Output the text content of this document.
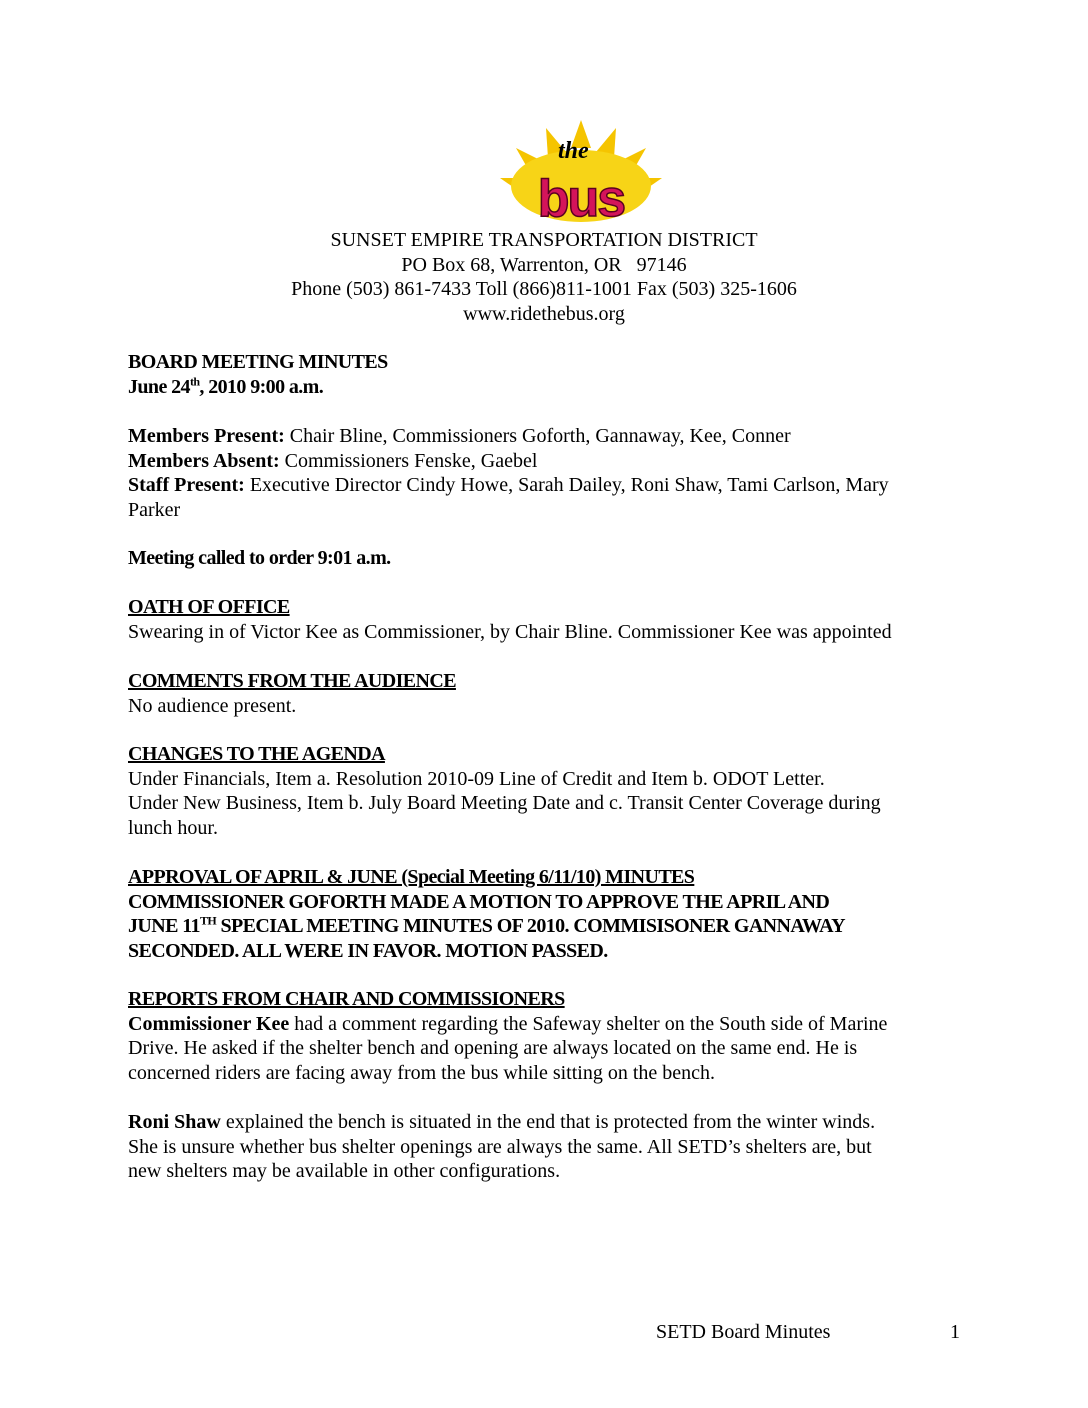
the
bus
SUNSET EMPIRE TRANSPORTATION DISTRICT
PO Box 68, Warrenton, OR   97146
Phone (503) 861-7433 Toll (866)811-1001 Fax (503) 325-1606
www.ridethebus.org
BOARD MEETING MINUTES
June 24th, 2010 9:00 a.m.
Members Present: Chair Bline, Commissioners Goforth, Gannaway, Kee, Conner
Members Absent: Commissioners Fenske, Gaebel
Staff Present: Executive Director Cindy Howe, Sarah Dailey, Roni Shaw, Tami Carlson, Mary
Parker
Meeting called to order 9:01 a.m.
OATH OF OFFICE
Swearing in of Victor Kee as Commissioner, by Chair Bline. Commissioner Kee was appointed
COMMENTS FROM THE AUDIENCE
No audience present.
CHANGES TO THE AGENDA
Under Financials, Item a. Resolution 2010-09 Line of Credit and Item b. ODOT Letter.
Under New Business, Item b. July Board Meeting Date and c. Transit Center Coverage during
lunch hour.
APPROVAL OF APRIL & JUNE (Special Meeting 6/11/10) MINUTES
COMMISSIONER GOFORTH MADE A MOTION TO APPROVE THE APRIL AND
JUNE 11TH SPECIAL MEETING MINUTES OF 2010. COMMISISONER GANNAWAY
SECONDED. ALL WERE IN FAVOR. MOTION PASSED.
REPORTS FROM CHAIR AND COMMISSIONERS
Commissioner Kee had a comment regarding the Safeway shelter on the South side of Marine
Drive. He asked if the shelter bench and opening are always located on the same end. He is
concerned riders are facing away from the bus while sitting on the bench.
Roni Shaw explained the bench is situated in the end that is protected from the winter winds.
She is unsure whether bus shelter openings are always the same. All SETD’s shelters are, but
new shelters may be available in other configurations.
SETD Board Minutes	1
